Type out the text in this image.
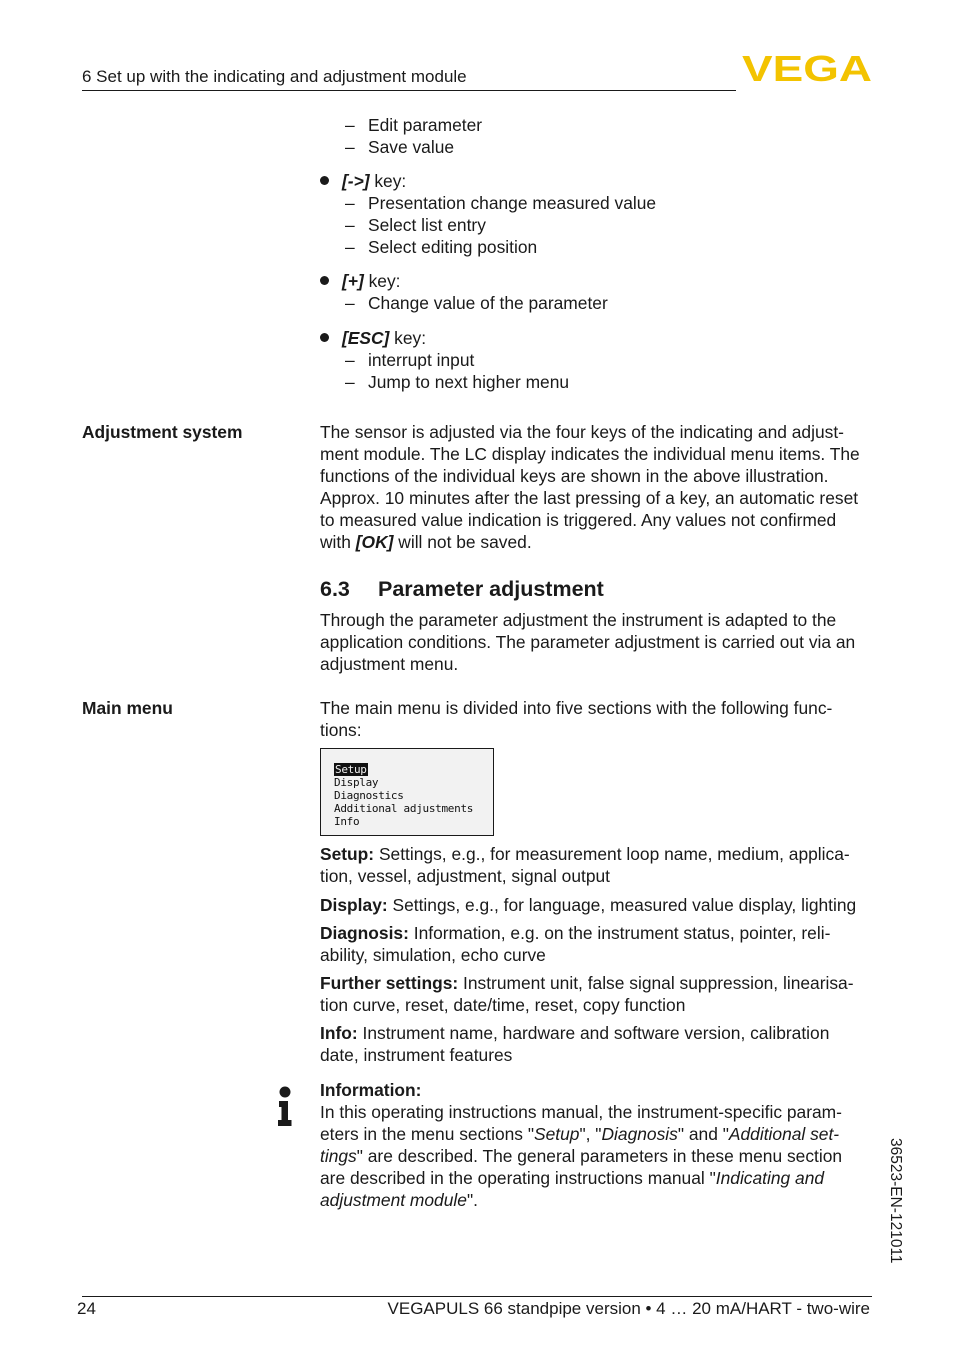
6 Set up with the indicating and adjustment module	VEGA
– Edit parameter
– Save value
[->] key:
– Presentation change measured value
– Select list entry
– Select editing position
[+] key:
– Change value of the parameter
[ESC] key:
– interrupt input
– Jump to next higher menu
Adjustment system	The sensor is adjusted via the four keys of the indicating and adjust-
ment module. The LC display indicates the individual menu items. The
functions of the individual keys are shown in the above illustration.
Approx. 10 minutes after the last pressing of a key, an automatic reset
to measured value indication is triggered. Any values not confirmed
with [OK] will not be saved.
6.3 Parameter adjustment
Through the parameter adjustment the instrument is adapted to the
application conditions. The parameter adjustment is carried out via an
adjustment menu.
Main menu	The main menu is divided into five sections with the following func-
tions:
Setup
Display
Diagnostics
Additional adjustments
Info
Setup: Settings, e.g., for measurement loop name, medium, applica-
tion, vessel, adjustment, signal output
Display: Settings, e.g., for language, measured value display, lighting
Diagnosis: Information, e.g. on the instrument status, pointer, reli-
ability, simulation, echo curve
Further settings: Instrument unit, false signal suppression, linearisa-
tion curve, reset, date/time, reset, copy function
Info: Instrument name, hardware and software version, calibration
date, instrument features
Information:
In this operating instructions manual, the instrument-specific param-
eters in the menu sections "Setup", "Diagnosis" and "Additional set-
tings" are described. The general parameters in these menu section
are described in the operating instructions manual "Indicating and
adjustment module".	36523-EN-121011
24	VEGAPULS 66 standpipe version • 4 … 20 mA/HART - two-wire
